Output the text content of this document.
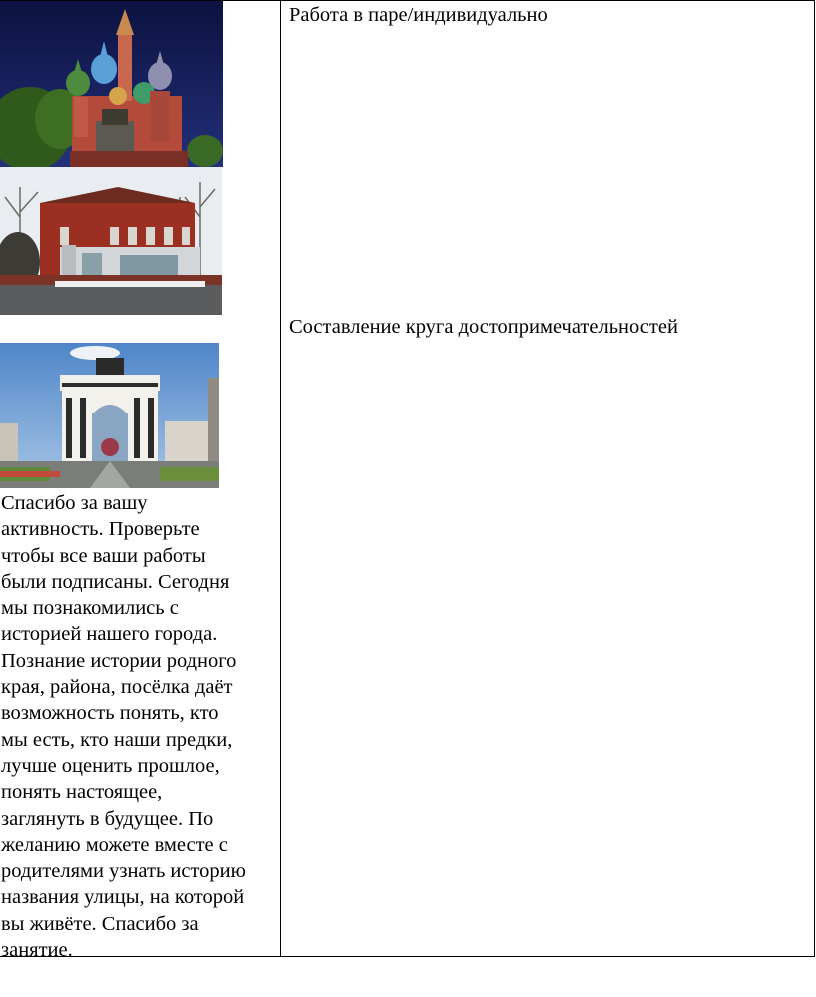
Спасибо за вашу
активность. Проверьте
чтобы все ваши работы
были подписаны. Сегодня
мы познакомились с
историей нашего города.
Познание истории родного
края, района, посёлка даёт
возможность понять, кто
мы есть, кто наши предки,
лучше оценить прошлое,
понять настоящее,
заглянуть в будущее. По
желанию можете вместе с
родителями узнать историю
названия улицы, на которой
вы живёте. Спасибо за
занятие.
Работа в паре/индивидуально
Составление круга достопримечательностей
